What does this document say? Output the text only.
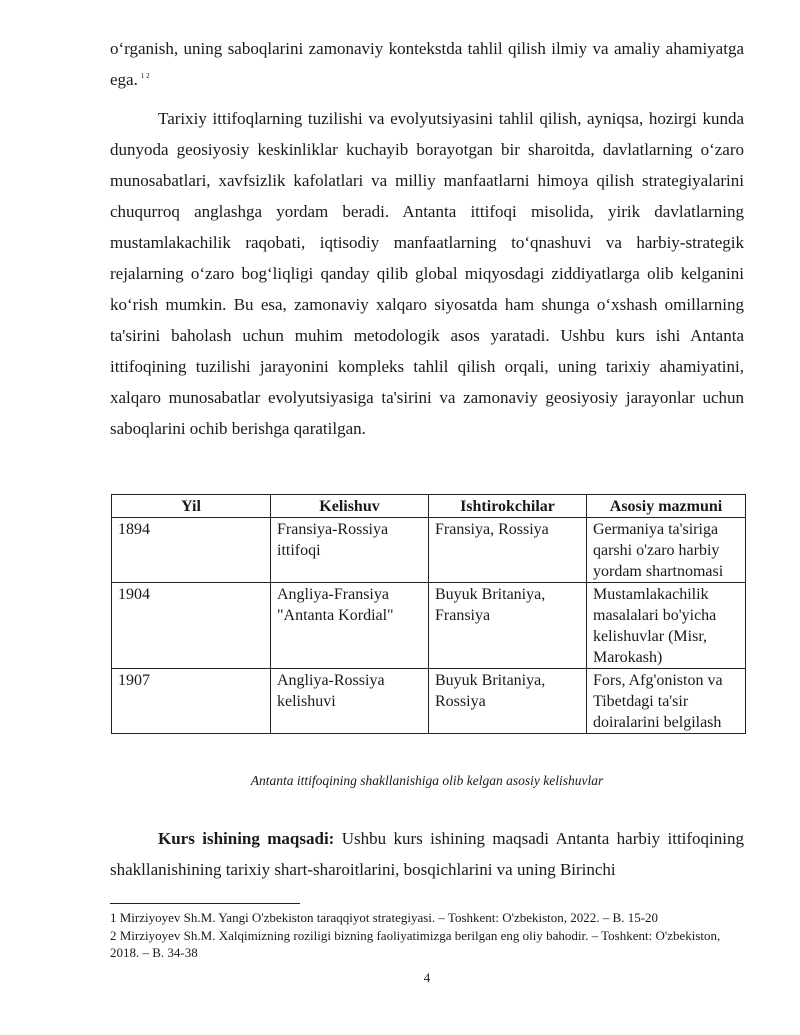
o‘rganish, uning saboqlarini zamonaviy kontekstda tahlil qilish ilmiy va amaliy ahamiyatga ega. $^{1 2}$

Tarixiy ittifoqlarning tuzilishi va evolyutsiyasini tahlil qilish, ayniqsa, hozirgi kunda dunyoda geosiyosiy keskinliklar kuchayib borayotgan bir sharoitda, davlatlarning o‘zaro munosabatlari, xavfsizlik kafolatlari va milliy manfaatlarni himoya qilish strategiyalarini chuqurroq anglashga yordam beradi. Antanta ittifoqi misolida, yirik davlatlarning mustamlakachilik raqobati, iqtisodiy manfaatlarning to‘qnashuvi va harbiy-strategik rejalarning o‘zaro bog‘liqligi qanday qilib global miqyosdagi ziddiyatlarga olib kelganini ko‘rish mumkin. Bu esa, zamonaviy xalqaro siyosatda ham shunga o‘xshash omillarning ta'sirini baholash uchun muhim metodologik asos yaratadi. Ushbu kurs ishi Antanta ittifoqining tuzilishi jarayonini kompleks tahlil qilish orqali, uning tarixiy ahamiyatini, xalqaro munosabatlar evolyutsiyasiga ta'sirini va zamonaviy geosiyosiy jarayonlar uchun saboqlarini ochib berishga qaratilgan.

Yil	Kelishuv	Ishtirokchilar	Asosiy mazmuni
1894	Fransiya-Rossiya ittifoqi	Fransiya, Rossiya	Germaniya ta'siriga qarshi o'zaro harbiy yordam shartnomasi
1904	Angliya-Fransiya "Antanta Kordial"	Buyuk Britaniya, Fransiya	Mustamlakachilik masalalari bo'yicha kelishuvlar (Misr, Marokash)
1907	Angliya-Rossiya kelishuvi	Buyuk Britaniya, Rossiya	Fors, Afg'oniston va Tibetdagi ta'sir doiralarini belgilash
Antanta ittifoqining shakllanishiga olib kelgan asosiy kelishuvlar

Kurs ishining maqsadi: Ushbu kurs ishining maqsadi Antanta harbiy ittifoqining shakllanishining tarixiy shart-sharoitlarini, bosqichlarini va uning Birinchi

1 Mirziyoyev Sh.M. Yangi O'zbekiston taraqqiyot strategiyasi. – Toshkent: O'zbekiston, 2022. – B. 15-20

2 Mirziyoyev Sh.M. Xalqimizning roziligi bizning faoliyatimizga berilgan eng oliy bahodir. – Toshkent: O'zbekiston, 2018. – B. 34-38

4
